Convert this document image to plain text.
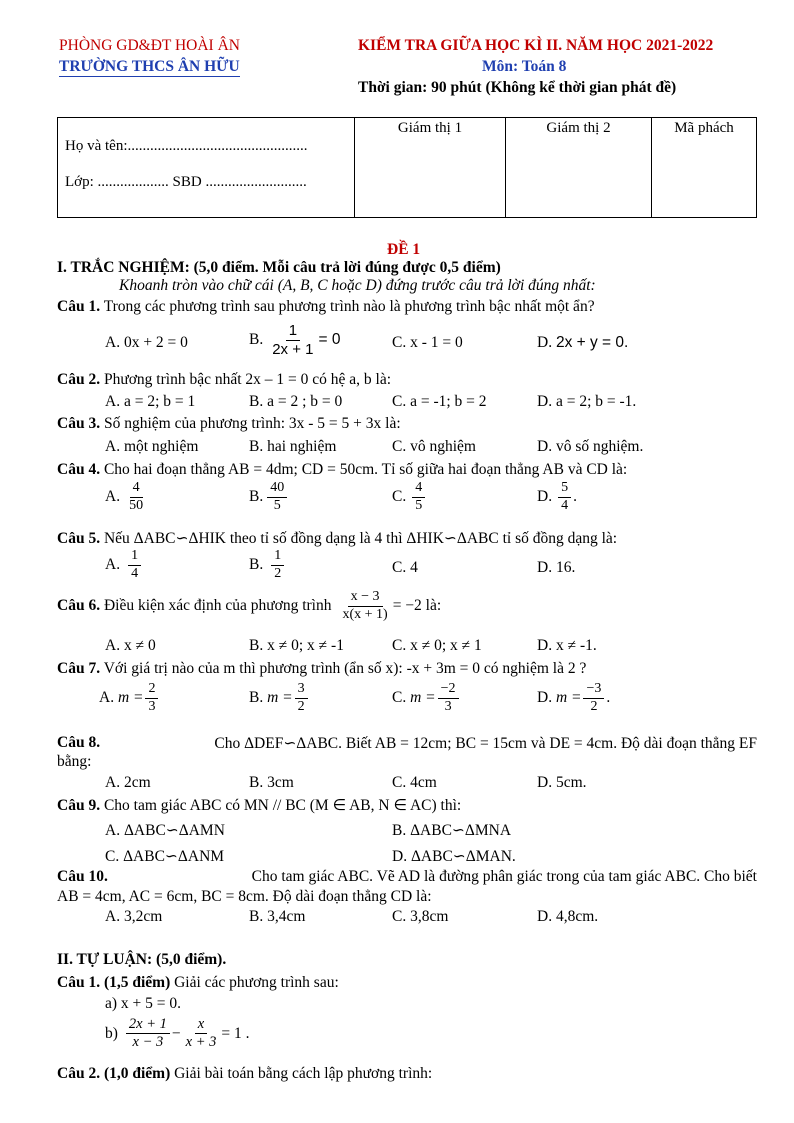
PHÒNG GD&ĐT HOÀI ÂN
TRƯỜNG THCS ÂN HỮU
KIỂM TRA GIỮA HỌC KÌ II. NĂM HỌC 2021-2022
Môn: Toán 8
Thời gian: 90 phút (Không kể thời gian phát đề)
Họ và tên:................................................
Lớp: ................... SBD ...........................

Giám thị 1	Giám thị 2	Mã phách
ĐỀ 1
I. TRẮC NGHIỆM: (5,0 điểm. Mỗi câu trả lời đúng được 0,5 điểm)
Khoanh tròn vào chữ cái (A, B, C hoặc D) đứng trước câu trả lời đúng nhất:
Câu 1. Trong các phương trình sau phương trình nào là phương trình bậc nhất một ẩn?
A. 0x + 2 = 0	B. $\frac{1}{2x + 1} = 0$	C. x - 1 = 0	D. 2x + y = 0.
Câu 2. Phương trình bậc nhất 2x – 1 = 0 có hệ a, b là:
A. a = 2; b = 1	B. a = 2 ; b = 0	C. a = -1; b = 2	D. a = 2; b = -1.
Câu 3. Số nghiệm của phương trình: 3x - 5 = 5 + 3x là:
A. một nghiệm	B. hai nghiệm	C. vô nghiệm	D. vô số nghiệm.
Câu 4. Cho hai đoạn thẳng AB = 4dm; CD = 50cm. Tỉ số giữa hai đoạn thẳng AB và CD là:
A. $\frac{4}{50}$	B. $\frac{40}{5}$	C. $\frac{4}{5}$	D. $\frac{5}{4}$ .
Câu 5. Nếu ΔABC∽ΔHIK theo tỉ số đồng dạng là 4 thì ΔHIK∽ΔABC tỉ số đồng dạng là:
A. $\frac{1}{4}$	B. $\frac{1}{2}$	C. 4	D. 16.
Câu 6.
Điều kiện xác định của phương trình $\frac{x - 3}{x(x + 1)} = -2$ là:
A. x ≠ 0	B. x ≠ 0; x ≠ -1	C. x ≠ 0; x ≠ 1	D. x ≠ -1.
Câu 7. Với giá trị nào của m thì phương trình (ẩn số x): -x + 3m = 0 có nghiệm là 2 ?
A.
$m = \frac{2}{3}$	B.
$m = \frac{3}{2}$	C.
$m = \frac{-2}{3}$	D.
$m = \frac{-3}{2}$ .
Câu 8.	Cho ΔDEF∽ΔABC. Biết AB = 12cm; BC = 15cm và DE = 4cm. Độ dài đoạn thẳng EF
bằng:
A. 2cm	B. 3cm	C. 4cm	D. 5cm.
Câu 9. Cho tam giác ABC có MN // BC (M ∈ AB, N ∈ AC) thì:
A. ΔABC∽ΔAMN	B. ΔABC∽ΔMNA
C. ΔABC∽ΔANM	D. ΔABC∽ΔMAN.
Câu 10.	Cho tam giác ABC. Vẽ AD là đường phân giác trong của tam giác ABC. Cho biết
AB = 4cm, AC = 6cm, BC = 8cm. Độ dài đoạn thẳng CD là:
A. 3,2cm	B. 3,4cm	C. 3,8cm	D. 4,8cm.
II. TỰ LUẬN: (5,0 điểm).
Câu 1. (1,5 điểm) Giải các phương trình sau:
a) x + 5 = 0.
$b) \frac{2x + 1}{x - 3} - \frac{x}{x + 3} = 1$ .
Câu 2. (1,0 điểm) Giải bài toán bằng cách lập phương trình:
